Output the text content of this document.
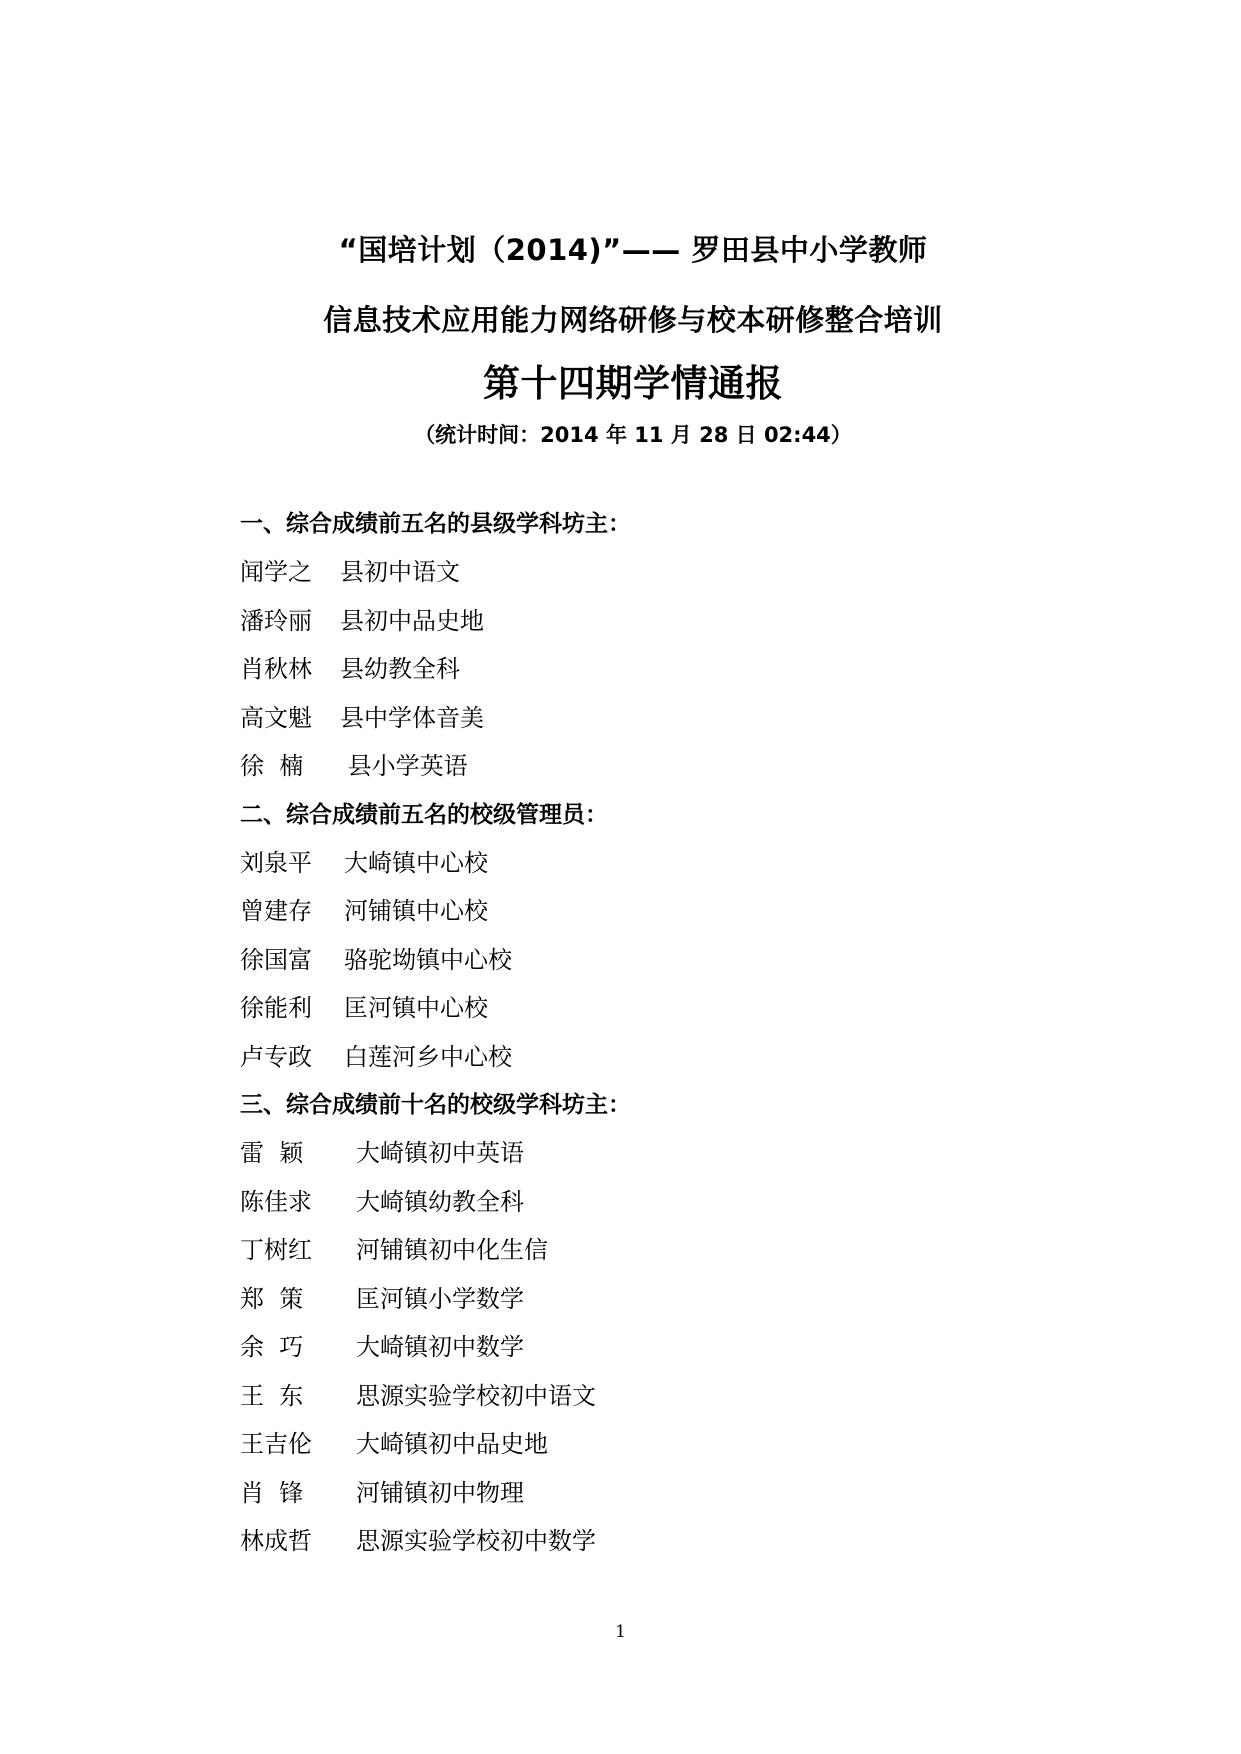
“国培计划（2014)”—— 罗田县中小学教师
信息技术应用能力网络研修与校本研修整合培训
第十四期学情通报
（统计时间：2014 年 11 月 28 日 02:44）
一、综合成绩前五名的县级学科坊主：
闻学之	县初中语文
潘玲丽	县初中品史地
肖秋林	县幼教全科
高文魁	县中学体音美
徐  楠	县小学英语
二、综合成绩前五名的校级管理员：
刘泉平	大崎镇中心校
曾建存	河铺镇中心校
徐国富	骆驼坳镇中心校
徐能利	匡河镇中心校
卢专政	白莲河乡中心校
三、综合成绩前十名的校级学科坊主：
雷  颖	大崎镇初中英语
陈佳求	大崎镇幼教全科
丁树红	河铺镇初中化生信
郑  策	匡河镇小学数学
余  巧	大崎镇初中数学
王  东	思源实验学校初中语文
王吉伦	大崎镇初中品史地
肖  锋	河铺镇初中物理
林成哲	思源实验学校初中数学
1
